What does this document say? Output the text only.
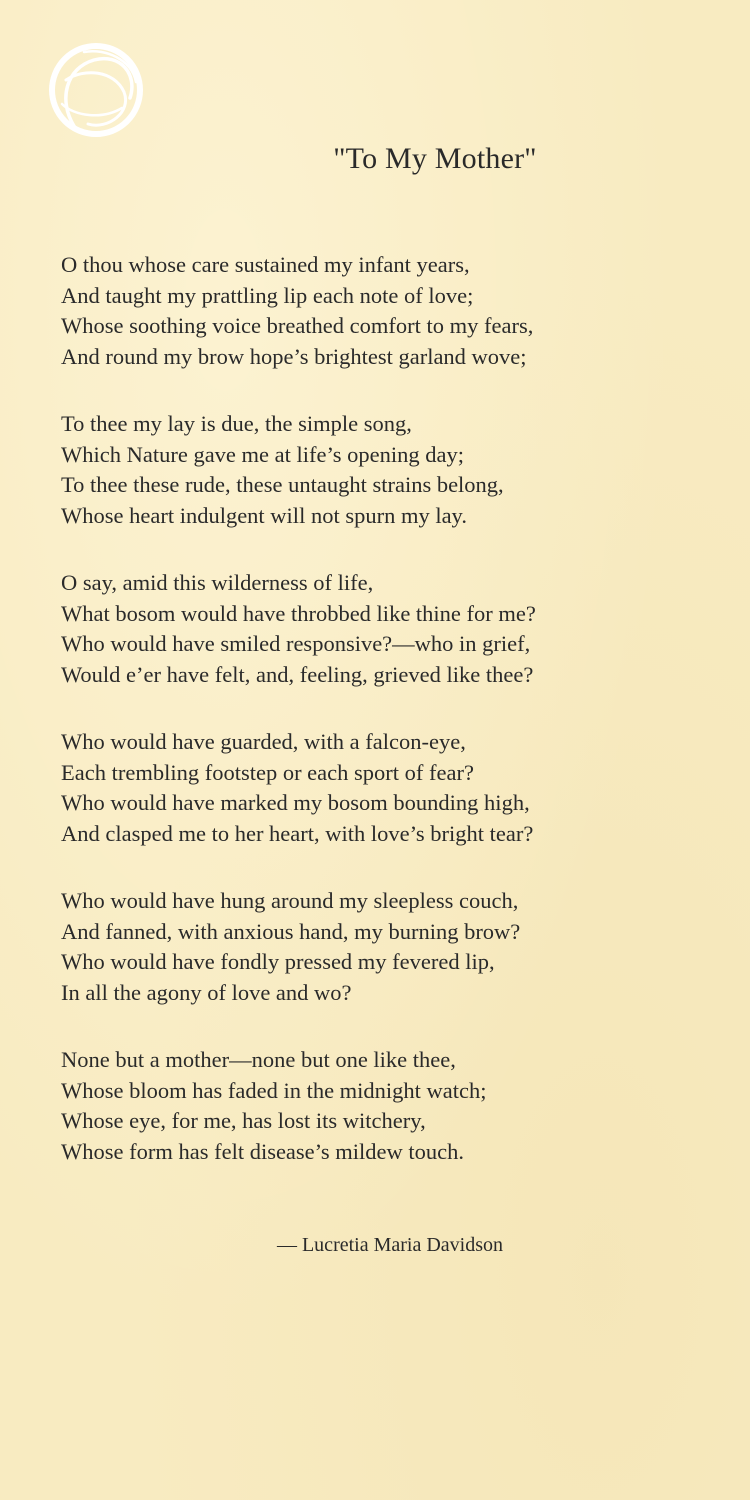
"To My Mother"
O thou whose care sustained my infant years,
And taught my prattling lip each note of love;
Whose soothing voice breathed comfort to my fears,
And round my brow hope’s brightest garland wove;
To thee my lay is due, the simple song,
Which Nature gave me at life’s opening day;
To thee these rude, these untaught strains belong,
Whose heart indulgent will not spurn my lay.
O say, amid this wilderness of life,
What bosom would have throbbed like thine for me?
Who would have smiled responsive?—who in grief,
Would e’er have felt, and, feeling, grieved like thee?
Who would have guarded, with a falcon-eye,
Each trembling footstep or each sport of fear?
Who would have marked my bosom bounding high,
And clasped me to her heart, with love’s bright tear?
Who would have hung around my sleepless couch,
And fanned, with anxious hand, my burning brow?
Who would have fondly pressed my fevered lip,
In all the agony of love and wo?
None but a mother—none but one like thee,
Whose bloom has faded in the midnight watch;
Whose eye, for me, has lost its witchery,
Whose form has felt disease’s mildew touch.
— Lucretia Maria Davidson
